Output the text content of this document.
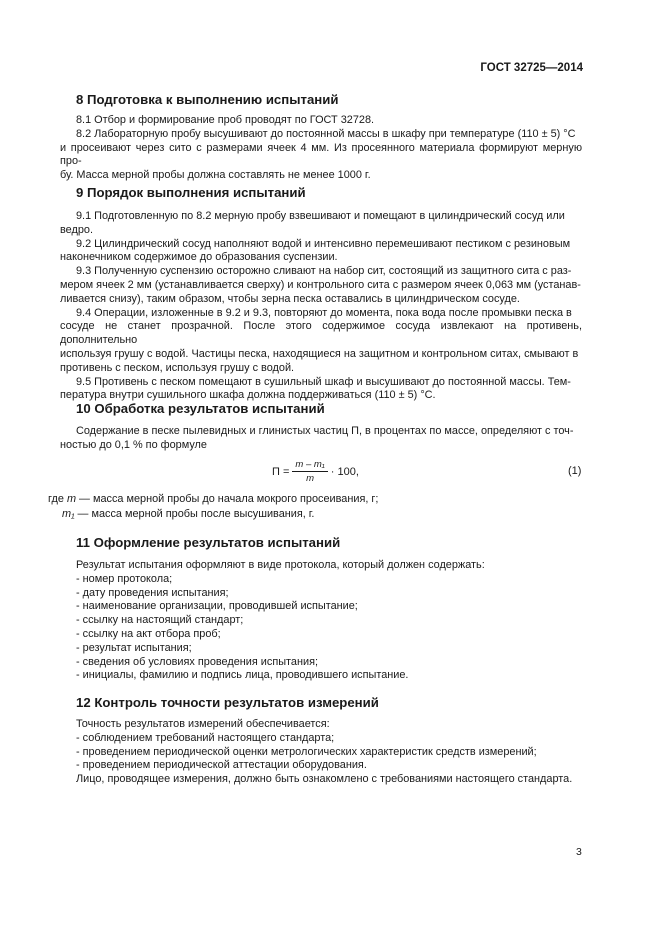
ГОСТ 32725—2014
8 Подготовка к выполнению испытаний

8.1 Отбор и формирование проб проводят по ГОСТ 32728.

8.2 Лабораторную пробу высушивают до постоянной массы в шкафу при температуре (110 ± 5) °С

и просеивают через сито с размерами ячеек 4 мм. Из просеянного материала формируют мерную про-

бу. Масса мерной пробы должна составлять не менее 1000 г.

9 Порядок выполнения испытаний

9.1 Подготовленную по 8.2 мерную пробу взвешивают и помещают в цилиндрический сосуд или

ведро.

9.2 Цилиндрический сосуд наполняют водой и интенсивно перемешивают пестиком с резиновым

наконечником содержимое до образования суспензии.

9.3 Полученную суспензию осторожно сливают на набор сит, состоящий из защитного сита с раз-

мером ячеек 2 мм (устанавливается сверху) и контрольного сита с размером ячеек 0,063 мм (устанав-

ливается снизу), таким образом, чтобы зерна песка оставались в цилиндрическом сосуде.

9.4 Операции, изложенные в 9.2 и 9.3, повторяют до момента, пока вода после промывки песка в

сосуде не станет прозрачной. После этого содержимое сосуда извлекают на противень, дополнительно

используя грушу с водой. Частицы песка, находящиеся на защитном и контрольном ситах, смывают в

противень с песком, используя грушу с водой.

9.5 Противень с песком помещают в сушильный шкаф и высушивают до постоянной массы. Тем-

пература внутри сушильного шкафа должна поддерживаться (110 ± 5) °С.

10 Обработка результатов испытаний

Содержание в песке пылевидных и глинистых частиц П, в процентах по массе, определяют с точ-

ностью до 0,1 % по формуле

$П = \frac{\text{m – m₁}}{m} \cdot 100$,	(1)

где m — масса мерной пробы до начала мокрого просеивания, г;

m₁ — масса мерной пробы после высушивания, г.

11 Оформление результатов испытаний

Результат испытания оформляют в виде протокола, который должен содержать:

- номер протокола;
- дату проведения испытания;
- наименование организации, проводившей испытание;
- ссылку на настоящий стандарт;
- ссылку на акт отбора проб;
- результат испытания;
- сведения об условиях проведения испытания;
- инициалы, фамилию и подпись лица, проводившего испытание.
12 Контроль точности результатов измерений

Точность результатов измерений обеспечивается:

- соблюдением требований настоящего стандарта;
- проведением периодической оценки метрологических характеристик средств измерений;
- проведением периодической аттестации оборудования.

Лицо, проводящее измерения, должно быть ознакомлено с требованиями настоящего стандарта.

3
